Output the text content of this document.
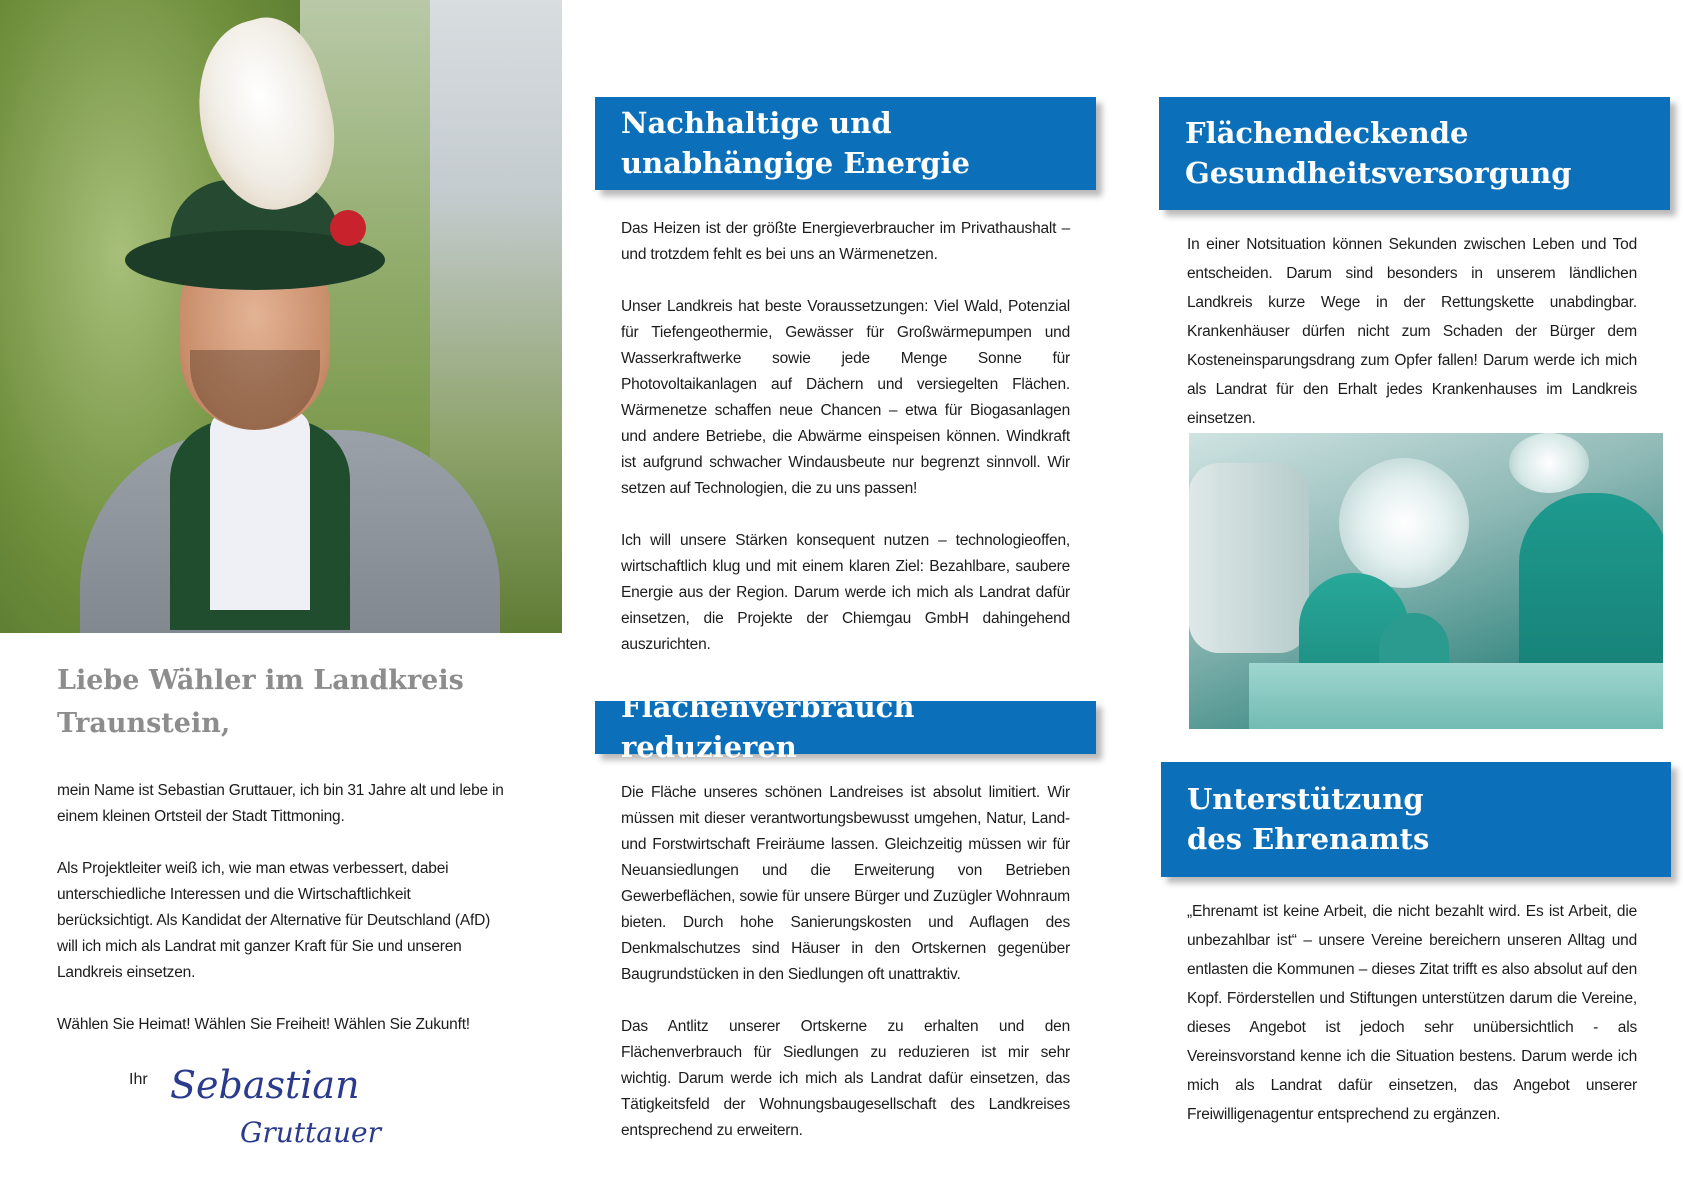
Liebe Wähler im Landkreis Traunstein,

mein Name ist Sebastian Gruttauer, ich bin 31 Jahre alt und lebe in einem kleinen Ortsteil der Stadt Tittmoning.

Als Projektleiter weiß ich, wie man etwas verbessert, dabei unterschiedliche Interessen und die Wirtschaftlichkeit berücksichtigt. Als Kandidat der Alternative für Deutschland (AfD) will ich mich als Landrat mit ganzer Kraft für Sie und unseren Landkreis einsetzen.

Wählen Sie Heimat! Wählen Sie Freiheit! Wählen Sie Zukunft!

Ihr Sebastian
Gruttauer
Nachhaltige und unabhängige Energie

Das Heizen ist der größte Energieverbraucher im Privathaushalt – und trotzdem fehlt es bei uns an Wärmenetzen.

Unser Landkreis hat beste Voraussetzungen: Viel Wald, Potenzial für Tiefengeothermie, Gewässer für Großwärmepumpen und Wasserkraftwerke sowie jede Menge Sonne für Photovoltaikanlagen auf Dächern und versiegelten Flächen. Wärmenetze schaffen neue Chancen – etwa für Biogasanlagen und andere Betriebe, die Abwärme einspeisen können. Windkraft ist aufgrund schwacher Windausbeute nur begrenzt sinnvoll. Wir setzen auf Technologien, die zu uns passen!

Ich will unsere Stärken konsequent nutzen – technologieoffen, wirtschaftlich klug und mit einem klaren Ziel: Bezahlbare, saubere Energie aus der Region. Darum werde ich mich als Landrat dafür einsetzen, die Projekte der Chiemgau GmbH dahingehend auszurichten.

Flächenverbrauch reduzieren

Die Fläche unseres schönen Landreises ist absolut limitiert. Wir müssen mit dieser verantwortungsbewusst umgehen, Natur, Land- und Forstwirtschaft Freiräume lassen. Gleichzeitig müssen wir für Neuansiedlungen und die Erweiterung von Betrieben Gewerbeflächen, sowie für unsere Bürger und Zuzügler Wohnraum bieten. Durch hohe Sanierungskosten und Auflagen des Denkmalschutzes sind Häuser in den Ortskernen gegenüber Baugrundstücken in den Siedlungen oft unattraktiv.

Das Antlitz unserer Ortskerne zu erhalten und den Flächenverbrauch für Siedlungen zu reduzieren ist mir sehr wichtig. Darum werde ich mich als Landrat dafür einsetzen, das Tätigkeitsfeld der Wohnungsbaugesellschaft des Landkreises entsprechend zu erweitern.

Flächendeckende Gesundheitsversorgung

In einer Notsituation können Sekunden zwischen Leben und Tod entscheiden. Darum sind besonders in unserem ländlichen Landkreis kurze Wege in der Rettungskette unabdingbar. Krankenhäuser dürfen nicht zum Schaden der Bürger dem Kosteneinsparungsdrang zum Opfer fallen! Darum werde ich mich als Landrat für den Erhalt jedes Krankenhauses im Landkreis einsetzen.

Unterstützung des Ehrenamts

„Ehrenamt ist keine Arbeit, die nicht bezahlt wird. Es ist Arbeit, die unbezahlbar ist“ – unsere Vereine bereichern unseren Alltag und entlasten die Kommunen – dieses Zitat trifft es also absolut auf den Kopf. Förderstellen und Stiftungen unterstützen darum die Vereine, dieses Angebot ist jedoch sehr unübersichtlich - als Vereinsvorstand kenne ich die Situation bestens. Darum werde ich mich als Landrat dafür einsetzen, das Angebot unserer Freiwilligenagentur entsprechend zu ergänzen.
